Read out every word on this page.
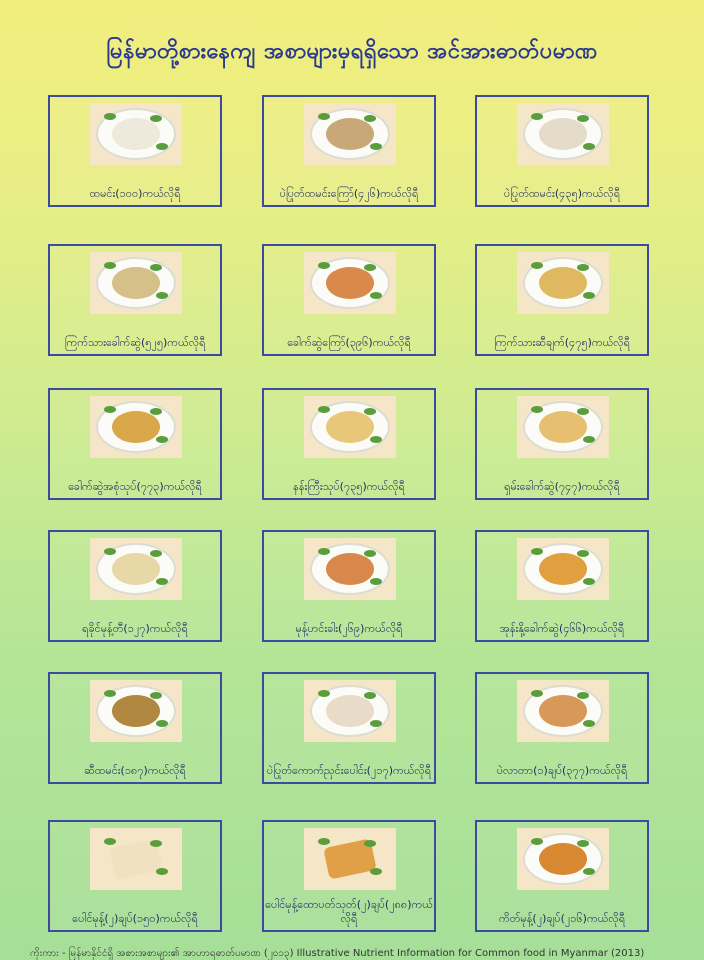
မြန်မာတို့စားနေကျ အစာများမှရရှိသော အင်အားဓာတ်ပမာဏ
ထမင်း(၁၀၀)ကယ်လိုရီ	ပဲပြုတ်ထမင်းကြော်(၄၂၆)ကယ်လိုရီ	ပဲပြုတ်ထမင်း(၄၃၅)ကယ်လိုရီ
ကြက်သားခေါက်ဆွဲ(၅၂၅)ကယ်လိုရီ	ခေါက်ဆွဲကြော်(၃၉၆)ကယ်လိုရီ	ကြက်သားဆီချက်(၄၇၅)ကယ်လိုရီ
ခေါက်ဆွဲအစုံသုပ်(၇၇၃)ကယ်လိုရီ	နန်းကြီးသုပ်(၇၃၅)ကယ်လိုရီ	ရှမ်းခေါက်ဆွဲ(၇၄၇)ကယ်လိုရီ
ရခိုင်မုန့်တီ(၁၂၇)ကယ်လိုရီ	မုန့်ဟင်းခါး(၂၆၉)ကယ်လိုရီ	အုန်းနို့ခေါက်ဆွဲ(၄၆၆)ကယ်လိုရီ
ဆီထမင်း(၁၈၇)ကယ်လိုရီ	ပဲပြုတ်ကောက်ညှင်းပေါင်း(၂၁၇)ကယ်လိုရီ	ပဲလာတာ(၁)ချပ်(၃၇၇)ကယ်လိုရီ
ပေါင်မုန့်(၂)ချပ်(၁၅၀)ကယ်လိုရီ
ပေါင်မုန့်ထောပတ်သုတ်(၂)ချပ်(၂၈၈)ကယ်လိုရီ	ကိတ်မုန့်(၂)ချပ်(၂၁၆)ကယ်လိုရီ
ကိုးကား - မြန်မာနိုင်ငံရှိ အစားအစာများ၏ အာဟာရဓာတ်ပမာဏ (၂၀၁၃) Illustrative Nutrient Information for Common food in Myanmar (2013)
